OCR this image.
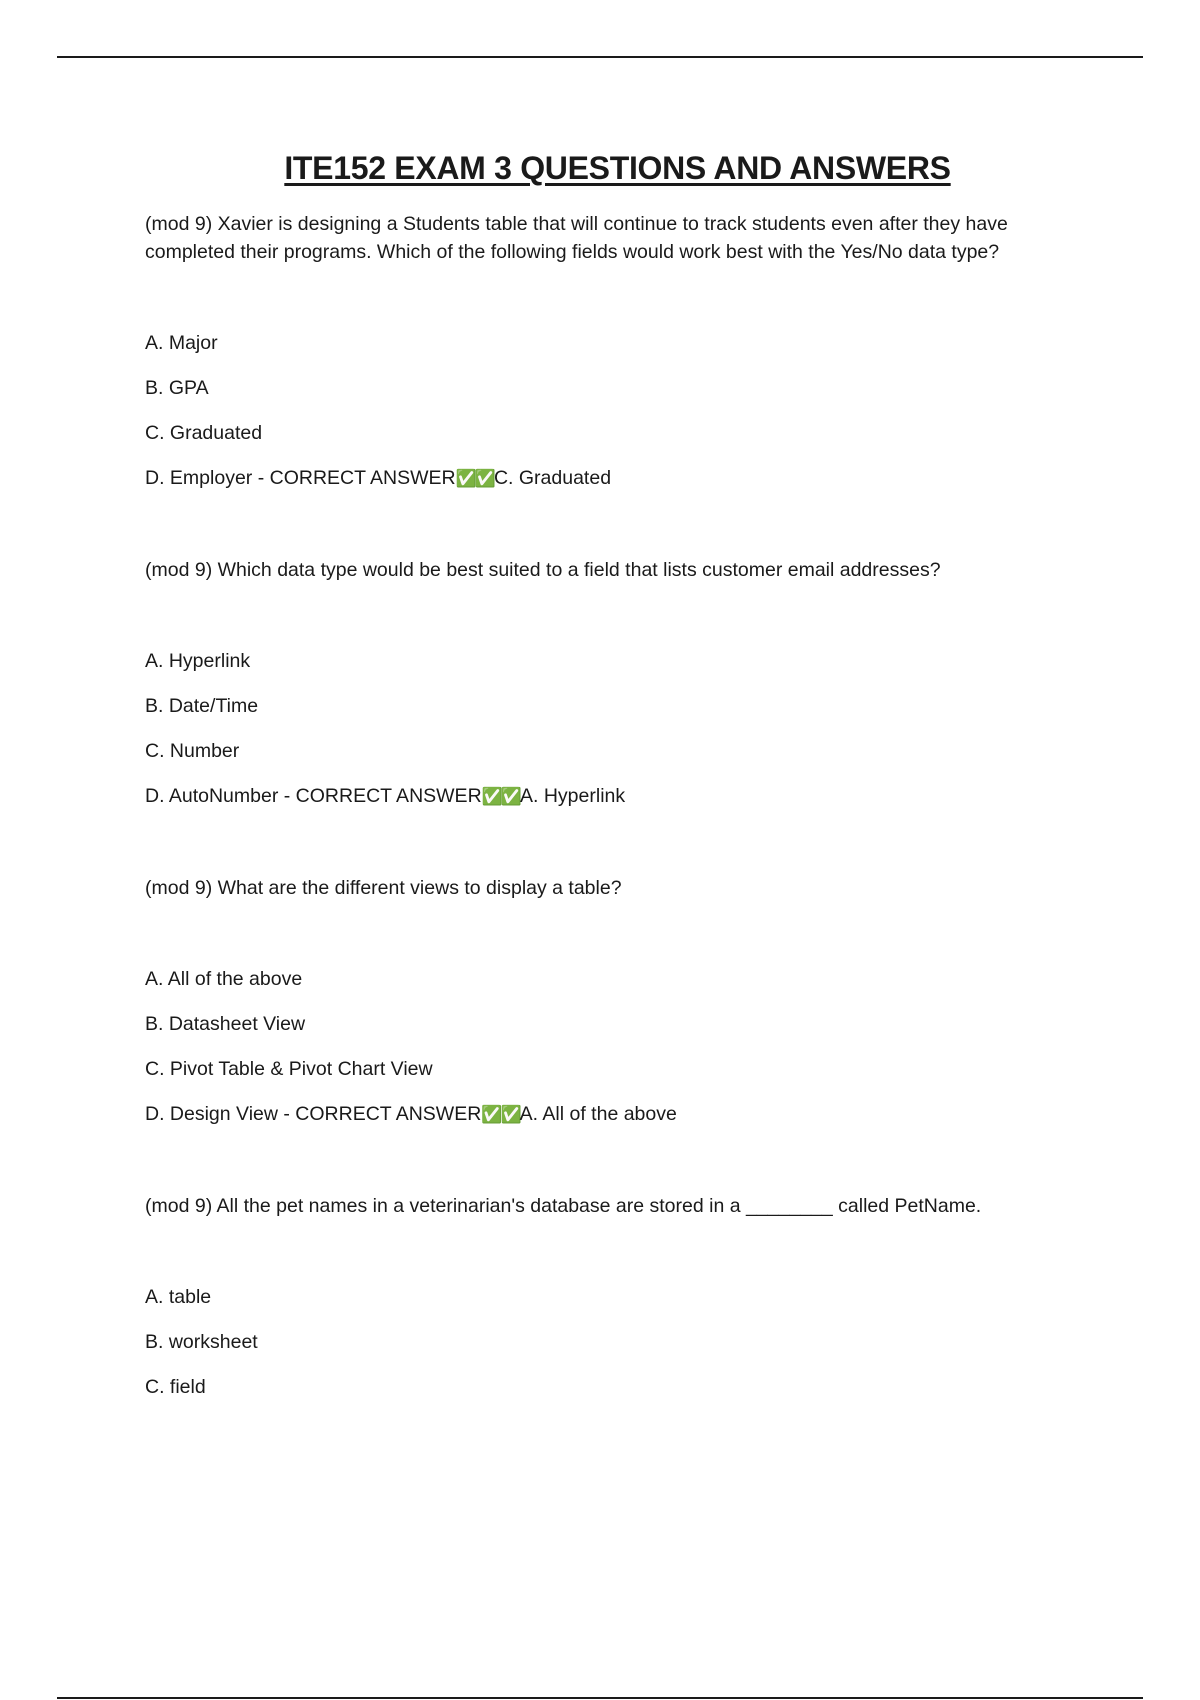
ITE152 EXAM 3 QUESTIONS AND ANSWERS

(mod 9) Xavier is designing a Students table that will continue to track students even after they have completed their programs. Which of the following fields would work best with the Yes/No data type?

A. Major

B. GPA

C. Graduated

D. Employer - CORRECT ANSWER✅✅C. Graduated

(mod 9) Which data type would be best suited to a field that lists customer email addresses?

A. Hyperlink

B. Date/Time

C. Number

D. AutoNumber - CORRECT ANSWER✅✅A. Hyperlink

(mod 9) What are the different views to display a table?

A. All of the above

B. Datasheet View

C. Pivot Table & Pivot Chart View

D. Design View - CORRECT ANSWER✅✅A. All of the above

(mod 9) All the pet names in a veterinarian's database are stored in a ________ called PetName.

A. table

B. worksheet

C. field
